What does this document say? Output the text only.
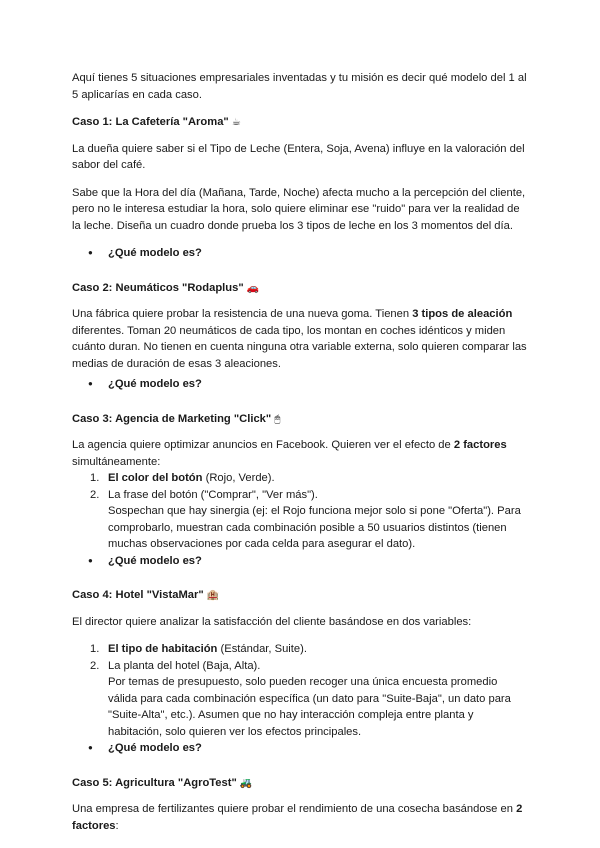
Aquí tienes 5 situaciones empresariales inventadas y tu misión es decir qué modelo del 1 al 5 aplicarías en cada caso.

Caso 1: La Cafetería "Aroma" ☕

La dueña quiere saber si el Tipo de Leche (Entera, Soja, Avena) influye en la valoración del sabor del café.

Sabe que la Hora del día (Mañana, Tarde, Noche) afecta mucho a la percepción del cliente, pero no le interesa estudiar la hora, solo quiere eliminar ese "ruido" para ver la realidad de la leche. Diseña un cuadro donde prueba los 3 tipos de leche en los 3 momentos del día.

● ¿Qué modelo es?
Caso 2: Neumáticos "Rodaplus" 🚗

Una fábrica quiere probar la resistencia de una nueva goma. Tienen 3 tipos de aleación diferentes. Toman 20 neumáticos de cada tipo, los montan en coches idénticos y miden cuánto duran. No tienen en cuenta ninguna otra variable externa, solo quieren comparar las medias de duración de esas 3 aleaciones.

● ¿Qué modelo es?
Caso 3: Agencia de Marketing "Click" 🖱

La agencia quiere optimizar anuncios en Facebook. Quieren ver el efecto de 2 factores simultáneamente:

1. El color del botón (Rojo, Verde).
2. La frase del botón ("Comprar", "Ver más").
Sospechan que hay sinergia (ej: el Rojo funciona mejor solo si pone "Oferta"). Para comprobarlo, muestran cada combinación posible a 50 usuarios distintos (tienen muchas observaciones por cada celda para asegurar el dato).
● ¿Qué modelo es?
Caso 4: Hotel "VistaMar" 🏨

El director quiere analizar la satisfacción del cliente basándose en dos variables:

1. El tipo de habitación (Estándar, Suite).
2. La planta del hotel (Baja, Alta).
Por temas de presupuesto, solo pueden recoger una única encuesta promedio válida para cada combinación específica (un dato para "Suite-Baja", un dato para "Suite-Alta", etc.). Asumen que no hay interacción compleja entre planta y habitación, solo quieren ver los efectos principales.
● ¿Qué modelo es?
Caso 5: Agricultura "AgroTest" 🚜

Una empresa de fertilizantes quiere probar el rendimiento de una cosecha basándose en 2 factores:
